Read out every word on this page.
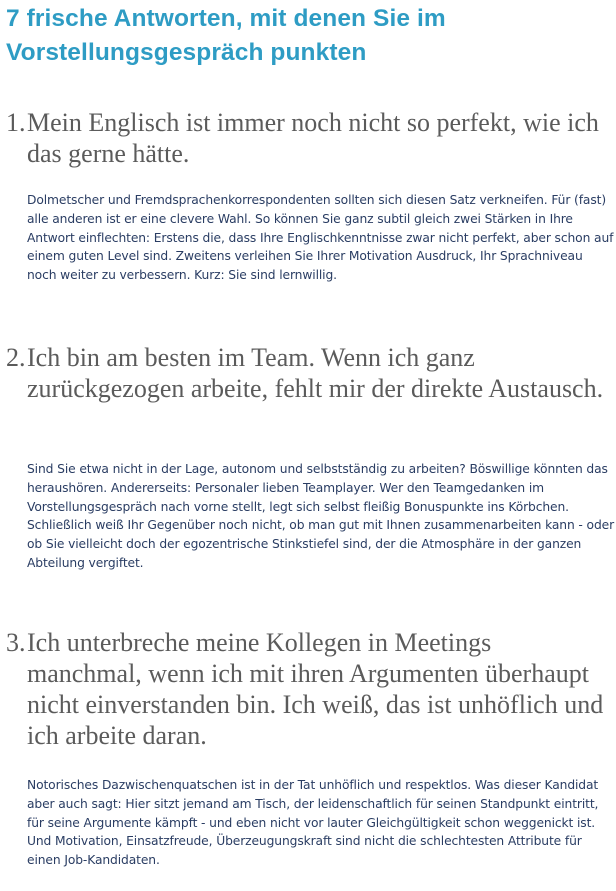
7 frische Antworten, mit denen Sie im Vorstellungsgespräch punkten
1. Mein Englisch ist immer noch nicht so perfekt, wie ich das gerne hätte.

Dolmetscher und Fremdsprachenkorrespondenten sollten sich diesen Satz verkneifen. Für (fast) alle anderen ist er eine clevere Wahl. So können Sie ganz subtil gleich zwei Stärken in Ihre Antwort einflechten: Erstens die, dass Ihre Englischkenntnisse zwar nicht perfekt, aber schon auf einem guten Level sind. Zweitens verleihen Sie Ihrer Motivation Ausdruck, Ihr Sprachniveau noch weiter zu verbessern. Kurz: Sie sind lernwillig.

2. Ich bin am besten im Team. Wenn ich ganz zurückgezogen arbeite, fehlt mir der direkte Austausch.

Sind Sie etwa nicht in der Lage, autonom und selbstständig zu arbeiten? Böswillige könnten das heraushören. Andererseits: Personaler lieben Teamplayer. Wer den Teamgedanken im Vorstellungsgespräch nach vorne stellt, legt sich selbst fleißig Bonuspunkte ins Körbchen. Schließlich weiß Ihr Gegenüber noch nicht, ob man gut mit Ihnen zusammenarbeiten kann - oder ob Sie vielleicht doch der egozentrische Stinkstiefel sind, der die Atmosphäre in der ganzen Abteilung vergiftet.

3. Ich unterbreche meine Kollegen in Meetings manchmal, wenn ich mit ihren Argumenten überhaupt nicht einverstanden bin. Ich weiß, das ist unhöflich und ich arbeite daran.

Notorisches Dazwischenquatschen ist in der Tat unhöflich und respektlos. Was dieser Kandidat aber auch sagt: Hier sitzt jemand am Tisch, der leidenschaftlich für seinen Standpunkt eintritt, für seine Argumente kämpft - und eben nicht vor lauter Gleichgültigkeit schon weggenickt ist. Und Motivation, Einsatzfreude, Überzeugungskraft sind nicht die schlechtesten Attribute für einen Job-Kandidaten.
